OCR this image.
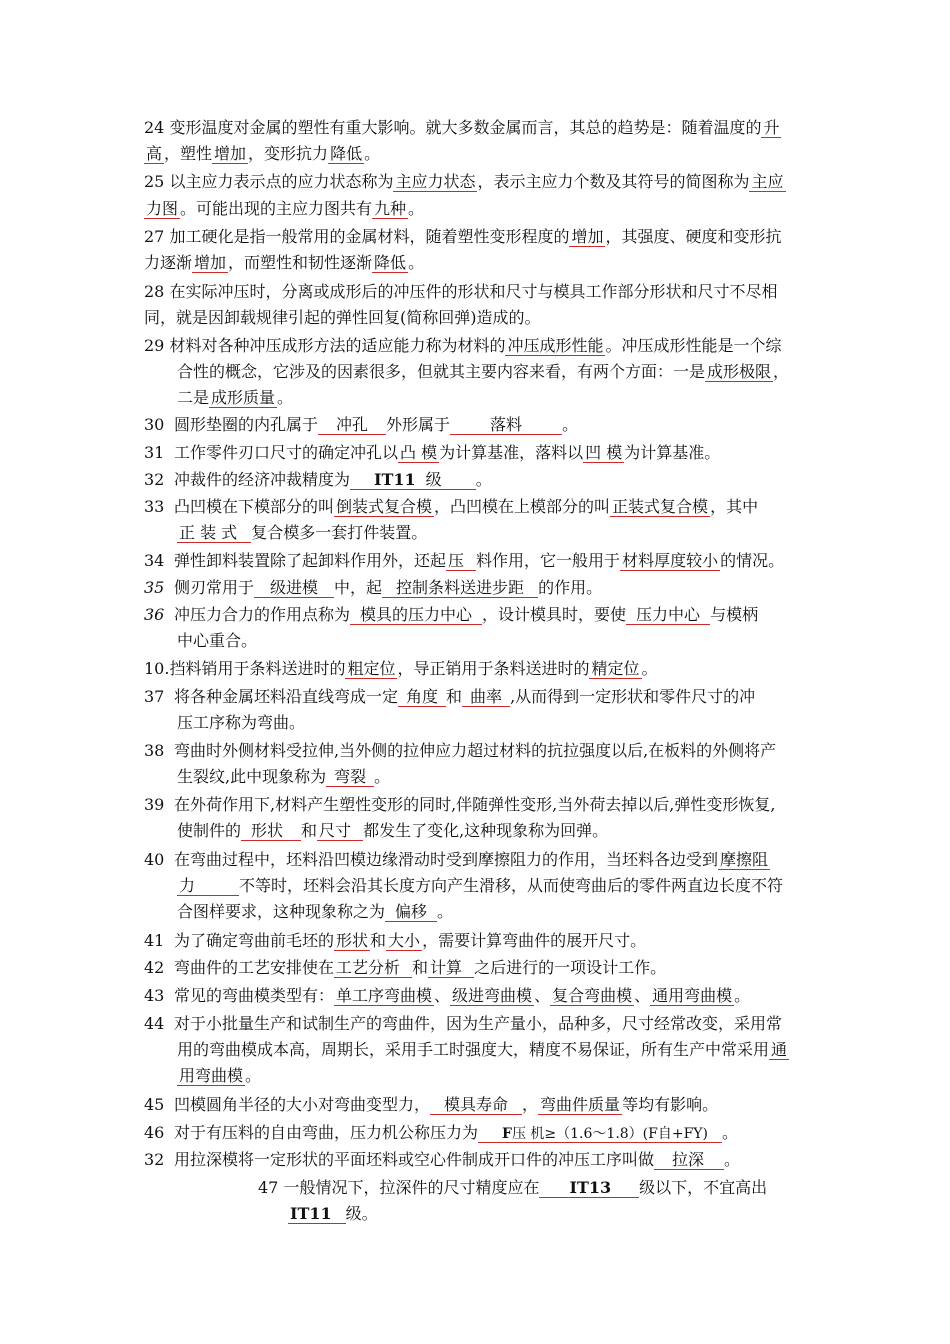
24 变形温度对金属的塑性有重大影响。就大多数金属而言，其总的趋势是：随着温度的 升
高 ，塑性 增加 ，变形抗力 降低 。
25 以主应力表示点的应力状态称为 主应力状态 ，表示主应力个数及其符号的简图称为 主应
力图 。可能出现的主应力图共有 九种 。
27 加工硬化是指一般常用的金属材料，随着塑性变形程度的 增加 ，其强度、硬度和变形抗
力逐渐 增加 ，而塑性和韧性逐渐 降低 。
28 在实际冲压时，分离或成形后的冲压件的形状和尺寸与模具工作部分形状和尺寸不尽相
同，就是因卸载规律引起的弹性回复(简称回弹)造成的。
29 材料对各种冲压成形方法的适应能力称为材料的 冲压成形性能 。冲压成形性能是一个综
合性的概念，它涉及的因素很多，但就其主要内容来看，有两个方面：一是 成形极限 ，
二是 成形质量 。
30 圆形垫圈的内孔属于 冲孔 外形属于	落料	。
31 工作零件刃口尺寸的确定冲孔以 凸 模 为计算基准，落料以 凹 模 为计算基准。
32 冲裁件的经济冲裁精度为 IT11 级 。
33 凸凹模在下模部分的叫 倒装式复合模 ，凸凹模在上模部分的叫 正装式复合模 ，其中
正 装 式 复合模多一套打件装置。
34 弹性卸料装置除了起卸料作用外，还起 压 料作用，它一般用于 材料厚度较小 的情况。
35 侧刃常用于 级进模 中，起 控制条料送进步距 的作用。
36 冲压力合力的作用点称为 模具的压力中心 ，设计模具时，要使 压力中心 与模柄
中心重合。
10.挡料销用于条料送进时的 粗定位 ，导正销用于条料送进时的 精定位 。
37 将各种金属坯料沿直线弯成一定 角度 和 曲率 ,从而得到一定形状和零件尺寸的冲
压工序称为弯曲。
38 弯曲时外侧材料受拉伸,当外侧的拉伸应力超过材料的抗拉强度以后,在板料的外侧将产
生裂纹,此中现象称为 弯裂 。
39 在外荷作用下,材料产生塑性变形的同时,伴随弹性变形,当外荷去掉以后,弹性变形恢复,
使制件的 形状 和 尺寸 都发生了变化,这种现象称为回弹。
40 在弯曲过程中，坯料沿凹模边缘滑动时受到摩擦阻力的作用，当坯料各边受到 摩擦阻
力	不等时，坯料会沿其长度方向产生滑移，从而使弯曲后的零件两直边长度不符
合图样要求，这种现象称之为 偏移 。
41 为了确定弯曲前毛坯的 形状 和 大小 ，需要计算弯曲件的展开尺寸。
42 弯曲件的工艺安排使在 工艺分析 和 计算 之后进行的一项设计工作。
43 常见的弯曲模类型有： 单工序弯曲模 、 级进弯曲模 、 复合弯曲模 、 通用弯曲模 。
44 对于小批量生产和试制生产的弯曲件，因为生产量小，品种多，尺寸经常改变，采用常
用的弯曲模成本高，周期长，采用手工时强度大，精度不易保证，所有生产中常采用 通
用弯曲模 。
45 凹模圆角半径的大小对弯曲变型力， 模具寿命 ， 弯曲件质量 等均有影响。
46 对于有压料的自由弯曲，压力机公称压力为 F压 机≥（1.6～1.8）(F自+FY) 。
32 用拉深模将一定形状的平面坯料或空心件制成开口件的冲压工序叫做 拉深 。
47 一般情况下，拉深件的尺寸精度应在 IT13 级以下，不宜高出
IT11 级。
